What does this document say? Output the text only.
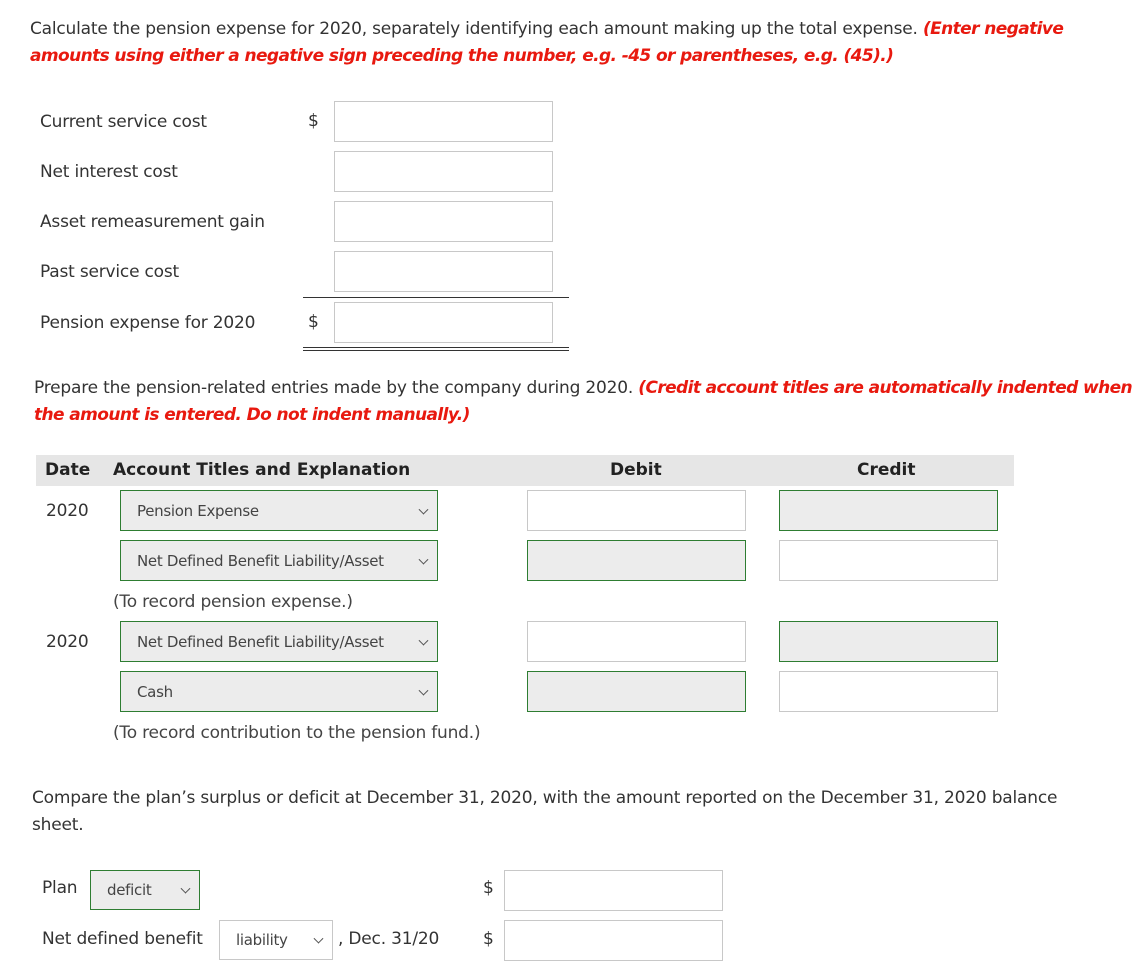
Calculate the pension expense for 2020, separately identifying each amount making up the total expense. (Enter negative amounts using either a negative sign preceding the number, e.g. -45 or parentheses, e.g. (45).)
Current service cost	$
Net interest cost
Asset remeasurement gain
Past service cost
Pension expense for 2020	$
Prepare the pension-related entries made by the company during 2020. (Credit account titles are automatically indented when the amount is entered. Do not indent manually.)
Date Account Titles and Explanation	Debit	Credit
2020	Pension Expense
Net Defined Benefit Liability/Asset
(To record pension expense.)
2020	Net Defined Benefit Liability/Asset
Cash
(To record contribution to the pension fund.)
Compare the plan’s surplus or deficit at December 31, 2020, with the amount reported on the December 31, 2020 balance sheet.
Plan deficit	$
Net defined benefit liability	, Dec. 31/20	$
